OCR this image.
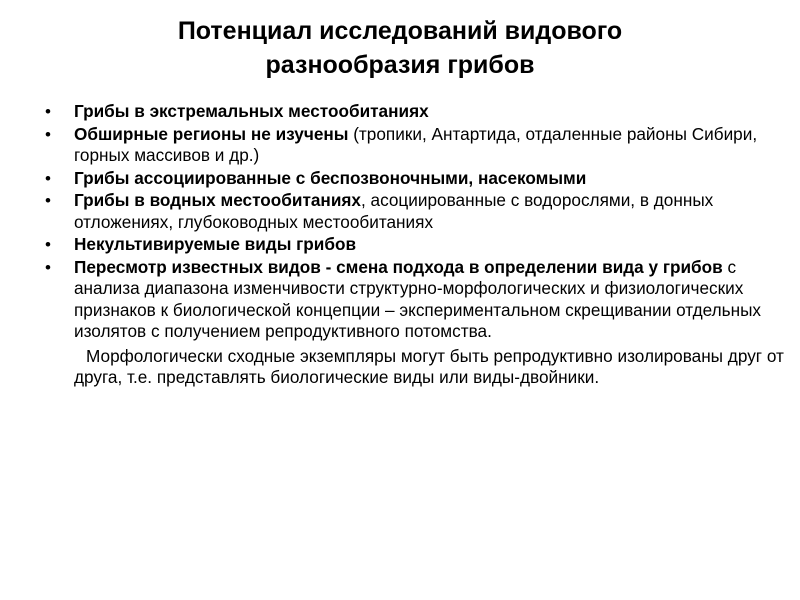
Потенциал исследований видового
разнообразия грибов
• Грибы в экстремальных местообитаниях
• Обширные регионы не изучены (тропики, Антартида, отдаленные районы Сибири, горных массивов и др.)
• Грибы ассоциированные с беспозвоночными, насекомыми
• Грибы в водных местообитаниях, асоциированные с водорослями, в донных отложениях, глубоководных местообитаниях
• Некультивируемые виды грибов
• Пересмотр известных видов - смена подхода в определении вида у грибов с анализа диапазона изменчивости структурно-морфологических и физиологических признаков к биологической концепции – экспериментальном скрещивании отдельных изолятов с получением репродуктивного потомства.
Морфологически сходные экземпляры могут быть репродуктивно изолированы друг от друга, т.е. представлять биологические виды или виды-двойники.
